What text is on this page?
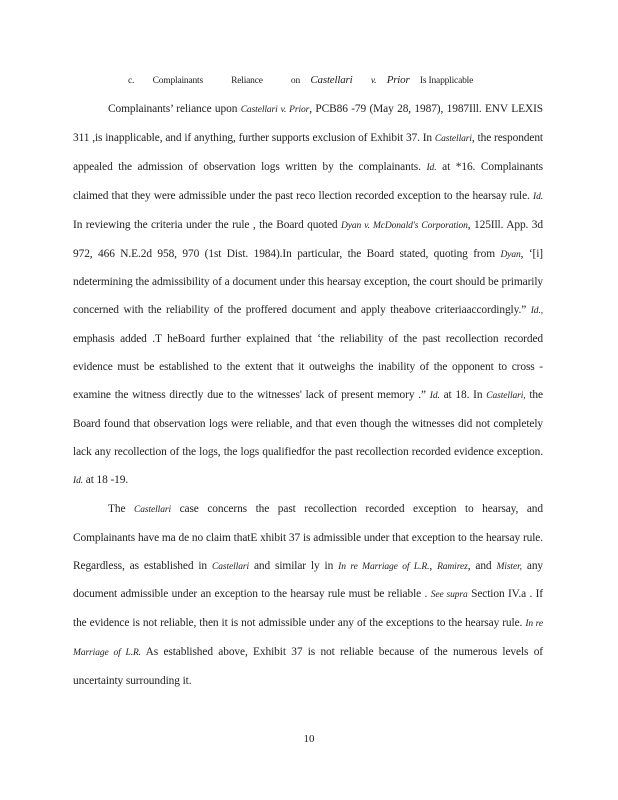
c. Complainants Reliance on Castellari v. Prior Is Inapplicable

Complainants’ reliance upon Castellari v. Prior, PCB86 -79 (May 28, 1987), 1987Ill. ENV LEXIS 311 ,is inapplicable, and if anything, further supports exclusion of Exhibit 37. In Castellari, the respondent appealed the admission of observation logs written by the complainants. Id. at *16. Complainants claimed that they were admissible under the past reco llection recorded exception to the hearsay rule. Id. In reviewing the criteria under the rule , the Board quoted Dyan v. McDonald's Corporation, 125Ill. App. 3d 972, 466 N.E.2d 958, 970 (1st Dist. 1984).In particular, the Board stated, quoting from Dyan, ‘[i] ndetermining the admissibility of a document under this hearsay exception, the court should be primarily concerned with the reliability of the proffered document and apply theabove criteriaaccordingly.” Id., emphasis added .T heBoard further explained that ‘the reliability of the past recollection recorded evidence must be established to the extent that it outweighs the inability of the opponent to cross -examine the witness directly due to the witnesses' lack of present memory .” Id. at 18. In Castellari, the Board found that observation logs were reliable, and that even though the witnesses did not completely lack any recollection of the logs, the logs qualifiedfor the past recollection recorded evidence exception. Id. at 18 -19.

The Castellari case concerns the past recollection recorded exception to hearsay, and Complainants have ma de no claim thatE xhibit 37 is admissible under that exception to the hearsay rule. Regardless, as established in Castellari and similar ly in In re Marriage of L.R., Ramirez, and Mister, any document admissible under an exception to the hearsay rule must be reliable . See supra Section IV.a . If the evidence is not reliable, then it is not admissible under any of the exceptions to the hearsay rule. In re Marriage of L.R. As established above, Exhibit 37 is not reliable because of the numerous levels of uncertainty surrounding it.

10
